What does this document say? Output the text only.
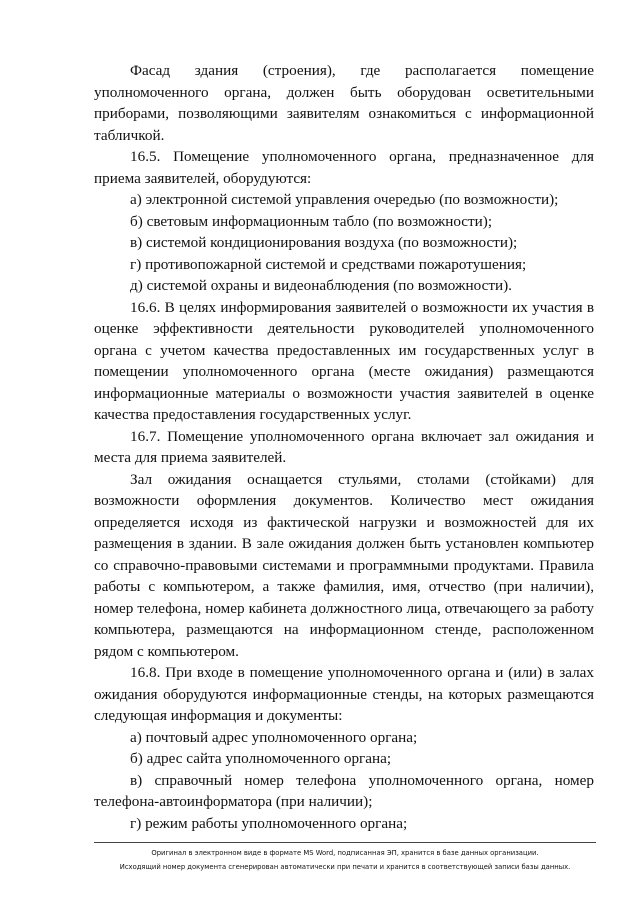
Фасад здания (строения), где располагается помещение уполномоченного органа, должен быть оборудован осветительными приборами, позволяющими заявителям ознакомиться с информационной табличкой.

16.5. Помещение уполномоченного органа, предназначенное для приема заявителей, оборудуются:

а) электронной системой управления очередью (по возможности);

б) световым информационным табло (по возможности);

в) системой кондиционирования воздуха (по возможности);

г) противопожарной системой и средствами пожаротушения;

д) системой охраны и видеонаблюдения (по возможности).

16.6. В целях информирования заявителей о возможности их участия в оценке эффективности деятельности руководителей уполномоченного органа с учетом качества предоставленных им государственных услуг в помещении уполномоченного органа (месте ожидания) размещаются информационные материалы о возможности участия заявителей в оценке качества предоставления государственных услуг.

16.7. Помещение уполномоченного органа включает зал ожидания и места для приема заявителей.

Зал ожидания оснащается стульями, столами (стойками) для возможности оформления документов. Количество мест ожидания определяется исходя из фактической нагрузки и возможностей для их размещения в здании. В зале ожидания должен быть установлен компьютер со справочно-правовыми системами и программными продуктами. Правила работы с компьютером, а также фамилия, имя, отчество (при наличии), номер телефона, номер кабинета должностного лица, отвечающего за работу компьютера, размещаются на информационном стенде, расположенном рядом с компьютером.

16.8. При входе в помещение уполномоченного органа и (или) в залах ожидания оборудуются информационные стенды, на которых размещаются следующая информация и документы:

а) почтовый адрес уполномоченного органа;

б) адрес сайта уполномоченного органа;

в) справочный номер телефона уполномоченного органа, номер телефона-автоинформатора (при наличии);

г) режим работы уполномоченного органа;

Оригинал в электронном виде в формате MS Word, подписанная ЭП, хранится в базе данных организации.
Исходящий номер документа сгенерирован автоматически при печати и хранится в соответствующей записи базы данных.
